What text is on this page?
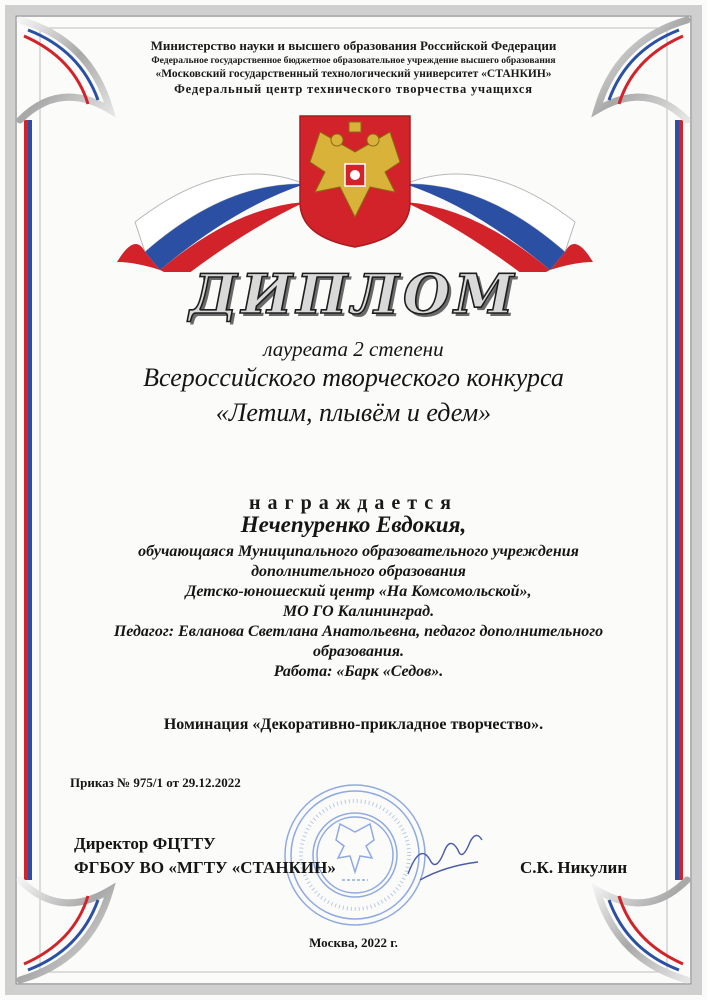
Министерство науки и высшего образования Российской Федерации
Федеральное государственное бюджетное образовательное учреждение высшего образования
«Московский государственный технологический университет «СТАНКИН»
Федеральный центр технического творчества учащихся
ДИПЛОМ
лауреата 2 степени
Всероссийского творческого конкурса
«Летим, плывём и едем»
награждается
Нечепуренко Евдокия,
обучающаяся Муниципального образовательного учреждения
дополнительного образования
Детско-юношеский центр «На Комсомольской»,
МО ГО Калининград.
Педагог: Евланова Светлана Анатольевна, педагог дополнительного
образования.
Работа: «Барк «Седов».
Номинация «Декоративно-прикладное творчество».
Приказ № 975/1 от 29.12.2022
Директор ФЦТТУ
ФГБОУ ВО «МГТУ «СТАНКИН»	С.К. Никулин
Москва, 2022 г.
